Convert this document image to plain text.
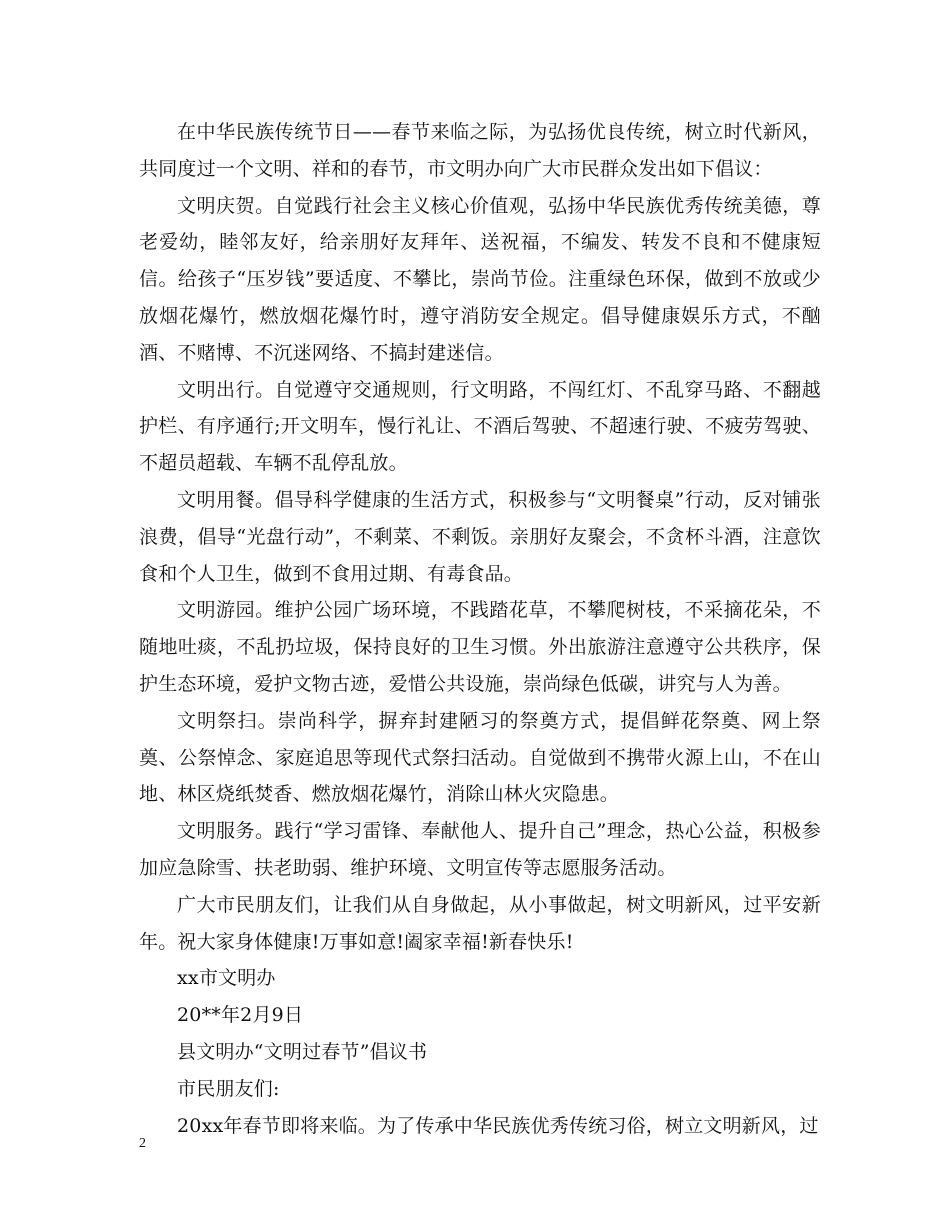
在中华民族传统节日——春节来临之际，为弘扬优良传统，树立时代新风，共同度过一个文明、祥和的春节，市文明办向广大市民群众发出如下倡议：

文明庆贺。自觉践行社会主义核心价值观，弘扬中华民族优秀传统美德，尊老爱幼，睦邻友好，给亲朋好友拜年、送祝福，不编发、转发不良和不健康短信。给孩子“压岁钱”要适度、不攀比，崇尚节俭。注重绿色环保，做到不放或少放烟花爆竹，燃放烟花爆竹时，遵守消防安全规定。倡导健康娱乐方式，不酗酒、不赌博、不沉迷网络、不搞封建迷信。

文明出行。自觉遵守交通规则，行文明路，不闯红灯、不乱穿马路、不翻越护栏、有序通行;开文明车，慢行礼让、不酒后驾驶、不超速行驶、不疲劳驾驶、不超员超载、车辆不乱停乱放。

文明用餐。倡导科学健康的生活方式，积极参与“文明餐桌”行动，反对铺张浪费，倡导“光盘行动”，不剩菜、不剩饭。亲朋好友聚会，不贪杯斗酒，注意饮食和个人卫生，做到不食用过期、有毒食品。

文明游园。维护公园广场环境，不践踏花草，不攀爬树枝，不采摘花朵，不随地吐痰，不乱扔垃圾，保持良好的卫生习惯。外出旅游注意遵守公共秩序，保护生态环境，爱护文物古迹，爱惜公共设施，崇尚绿色低碳，讲究与人为善。

文明祭扫。崇尚科学，摒弃封建陋习的祭奠方式，提倡鲜花祭奠、网上祭奠、公祭悼念、家庭追思等现代式祭扫活动。自觉做到不携带火源上山，不在山地、林区烧纸焚香、燃放烟花爆竹，消除山林火灾隐患。

文明服务。践行“学习雷锋、奉献他人、提升自己”理念，热心公益，积极参加应急除雪、扶老助弱、维护环境、文明宣传等志愿服务活动。

广大市民朋友们，让我们从自身做起，从小事做起，树文明新风，过平安新年。祝大家身体健康!万事如意!阖家幸福!新春快乐!

xx市文明办

20**年2月9日

县文明办“文明过春节”倡议书

市民朋友们:

20xx年春节即将来临。为了传承中华民族优秀传统习俗，树立文明新风，过

2
